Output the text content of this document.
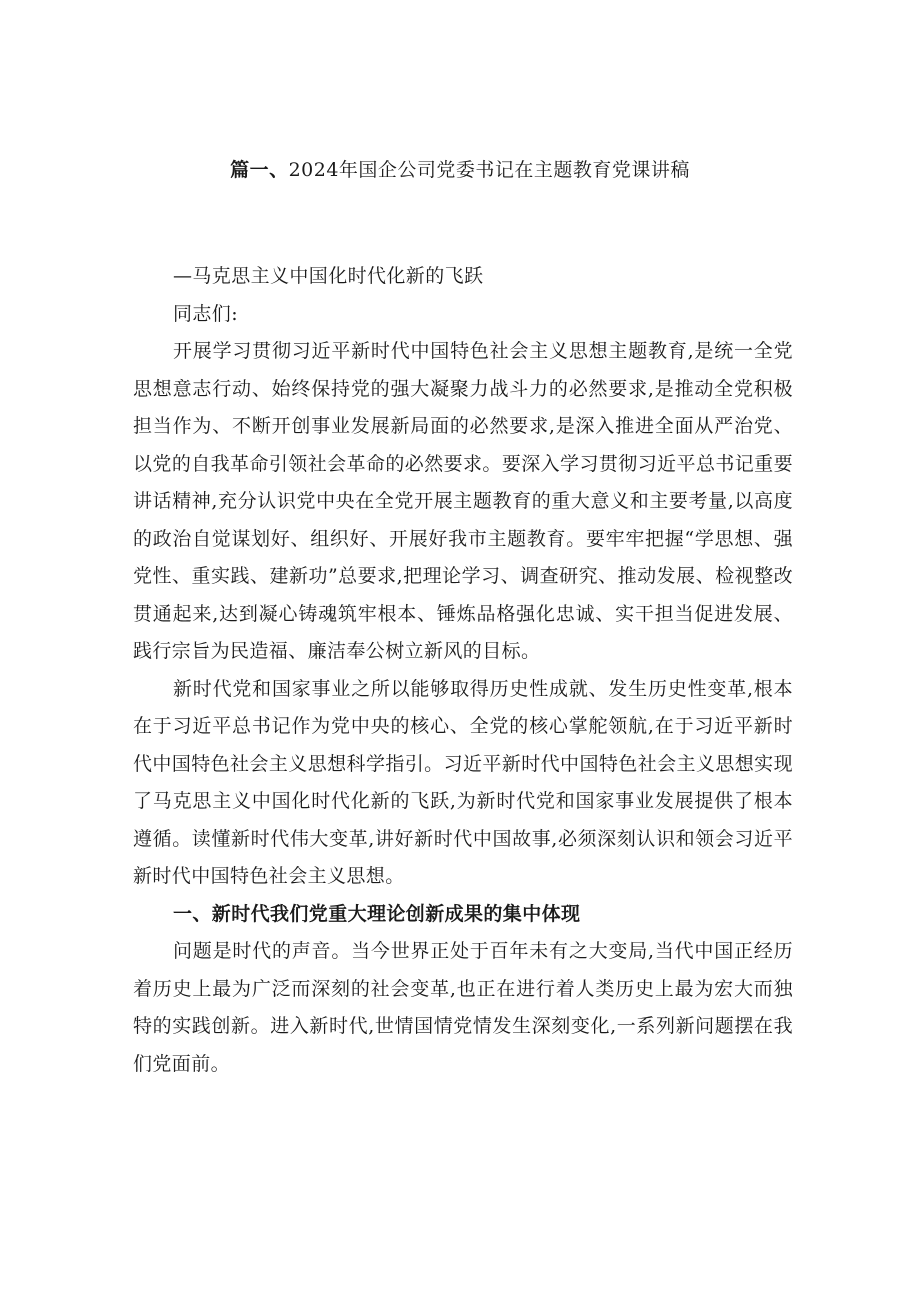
篇一、2024年国企公司党委书记在主题教育党课讲稿

—马克思主义中国化时代化新的飞跃

同志们:

开展学习贯彻习近平新时代中国特色社会主义思想主题教育,是统一全党思想意志行动、始终保持党的强大凝聚力战斗力的必然要求,是推动全党积极担当作为、不断开创事业发展新局面的必然要求,是深入推进全面从严治党、以党的自我革命引领社会革命的必然要求。要深入学习贯彻习近平总书记重要讲话精神,充分认识党中央在全党开展主题教育的重大意义和主要考量,以高度的政治自觉谋划好、组织好、开展好我市主题教育。要牢牢把握“学思想、强党性、重实践、建新功”总要求,把理论学习、调查研究、推动发展、检视整改贯通起来,达到凝心铸魂筑牢根本、锤炼品格强化忠诚、实干担当促进发展、践行宗旨为民造福、廉洁奉公树立新风的目标。

新时代党和国家事业之所以能够取得历史性成就、发生历史性变革,根本在于习近平总书记作为党中央的核心、全党的核心掌舵领航,在于习近平新时代中国特色社会主义思想科学指引。习近平新时代中国特色社会主义思想实现了马克思主义中国化时代化新的飞跃,为新时代党和国家事业发展提供了根本遵循。读懂新时代伟大变革,讲好新时代中国故事,必须深刻认识和领会习近平新时代中国特色社会主义思想。

一、新时代我们党重大理论创新成果的集中体现

问题是时代的声音。当今世界正处于百年未有之大变局,当代中国正经历着历史上最为广泛而深刻的社会变革,也正在进行着人类历史上最为宏大而独特的实践创新。进入新时代,世情国情党情发生深刻变化,一系列新问题摆在我们党面前。
